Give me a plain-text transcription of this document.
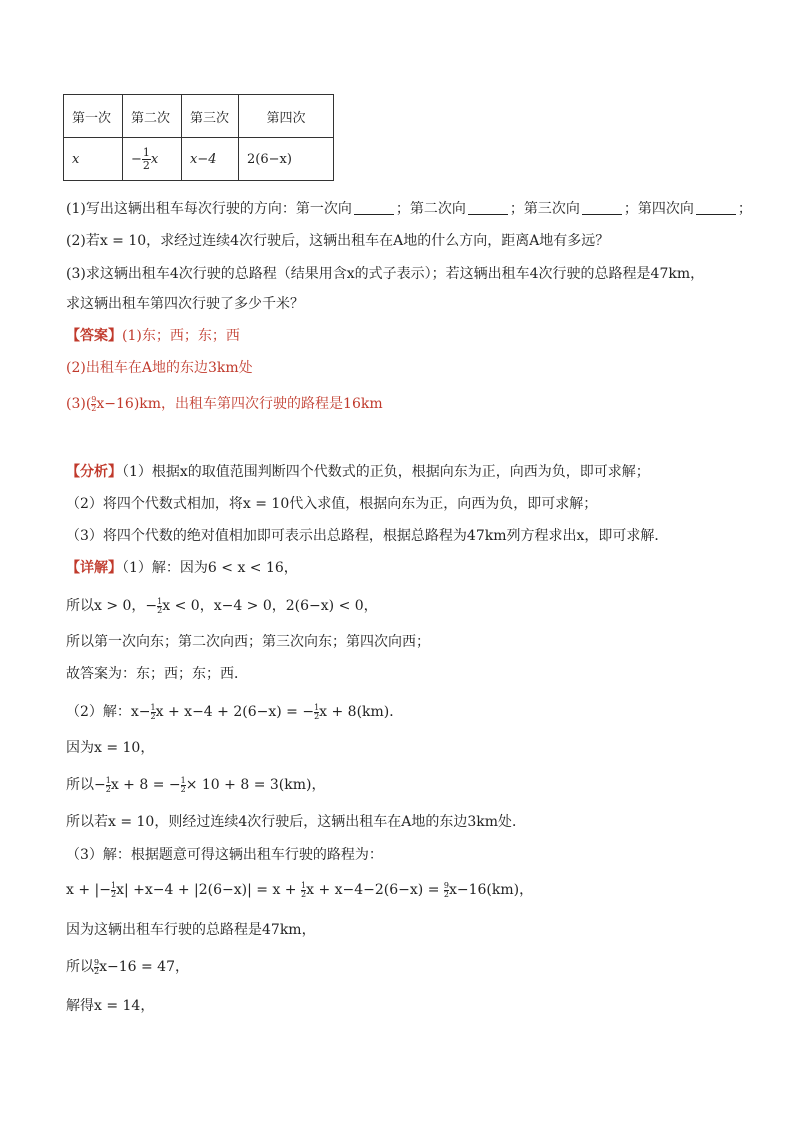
第一次	第二次	第三次	第四次
x	− $\frac{1}{2}$ x	x−4	2(6−x)
(1)写出这辆出租车每次行驶的方向：第一次向	；第二次向	；第三次向	；第四次向	；
(2)若x = 10，求经过连续4次行驶后，这辆出租车在A地的什么方向，距离A地有多远？
(3)求这辆出租车4次行驶的总路程（结果用含x的式子表示）；若这辆出租车4次行驶的总路程是47km，
求这辆出租车第四次行驶了多少千米？
【答案】(1)东；西；东；西
(2)出租车在A地的东边3km处
$(3)( \frac{9}{2} x-16)km$，出租车第四次行驶的路程是16km
【分析】（1）根据x的取值范围判断四个代数式的正负，根据向东为正，向西为负，即可求解；
（2）将四个代数式相加，将x = 10代入求值，根据向东为正，向西为负，即可求解；
（3）将四个代数的绝对值相加即可表示出总路程，根据总路程为47km列方程求出x，即可求解．
【详解】（1）解：因为6 < x < 16，
所以x > 0，− $\frac{1}{2}$ x < 0，x−4 > 0，2(6−x) < 0，
所以第一次向东；第二次向西；第三次向东；第四次向西；
故答案为：东；西；东；西．
（2）解：$x- \frac{1}{2}$ x + x−4 + 2(6−x) = − $\frac{1}{2}$ x + 8(km)．
因为x = 10，
所以− $\frac{1}{2}$ x + 8 = − $\frac{1}{2} \times 10 + 8 = 3(km)$，
所以若x = 10，则经过连续4次行驶后，这辆出租车在A地的东边3km处．
（3）解：根据题意可得这辆出租车行驶的路程为：
x + |− $\frac{1}{2} x| +x-4 + |2(6-x)| = x + \frac{1}{2}$ $x + x-4-2(6-x) = \frac{9}{2} x-16(km)$，
因为这辆出租车行驶的总路程是47km，
所以 $\frac{9}{2} x-16 = 47$，
解得x = 14，
